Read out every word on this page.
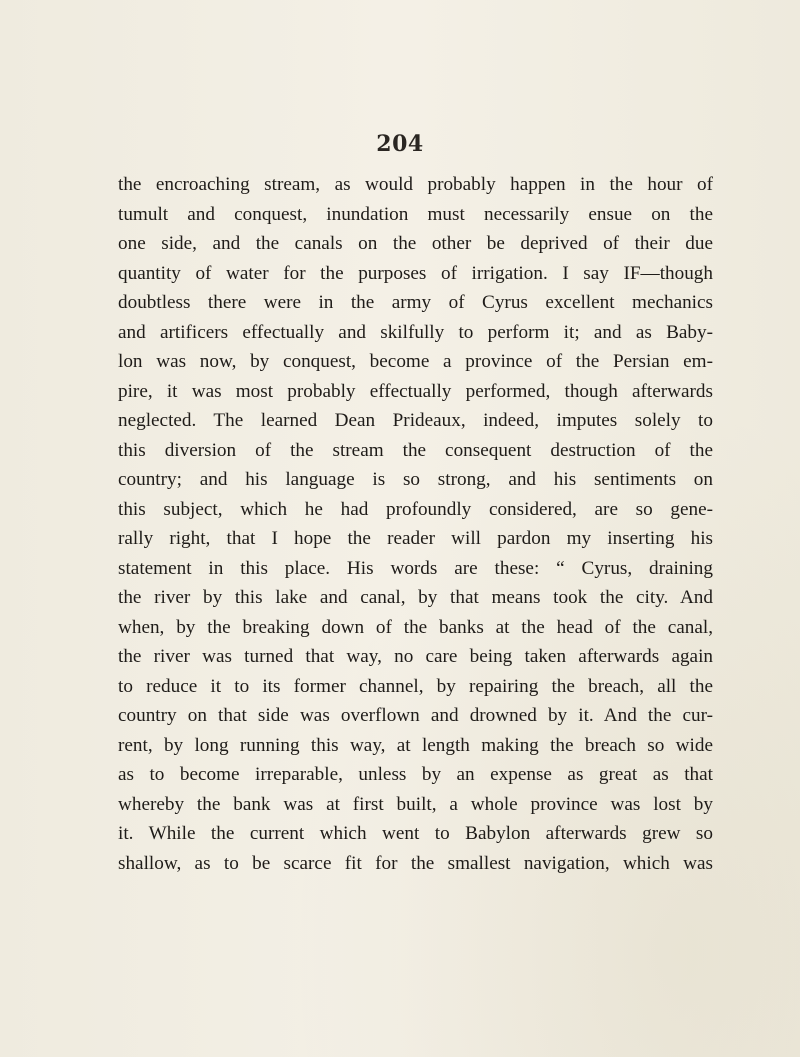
204
the encroaching stream, as would probably happen in the hour of
tumult and conquest, inundation must necessarily ensue on the
one side, and the canals on the other be deprived of their due
quantity of water for the purposes of irrigation. I say IF—though
doubtless there were in the army of Cyrus excellent mechanics
and artificers effectually and skilfully to perform it; and as Baby-
lon was now, by conquest, become a province of the Persian em-
pire, it was most probably effectually performed, though afterwards
neglected. The learned Dean Prideaux, indeed, imputes solely to
this diversion of the stream the consequent destruction of the
country; and his language is so strong, and his sentiments on
this subject, which he had profoundly considered, are so gene-
rally right, that I hope the reader will pardon my inserting his
statement in this place. His words are these: “ Cyrus, draining
the river by this lake and canal, by that means took the city. And
when, by the breaking down of the banks at the head of the canal,
the river was turned that way, no care being taken afterwards again
to reduce it to its former channel, by repairing the breach, all the
country on that side was overflown and drowned by it. And the cur-
rent, by long running this way, at length making the breach so wide
as to become irreparable, unless by an expense as great as that
whereby the bank was at first built, a whole province was lost by
it. While the current which went to Babylon afterwards grew so
shallow, as to be scarce fit for the smallest navigation, which was
